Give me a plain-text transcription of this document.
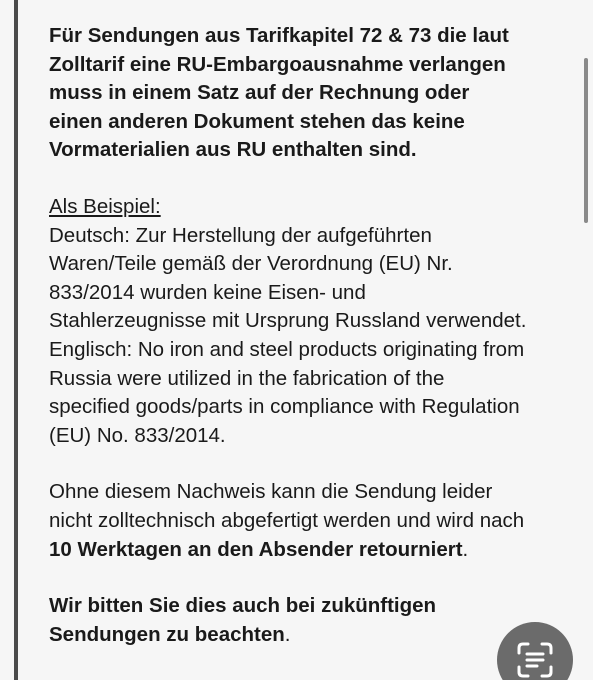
Für Sendungen aus Tarifkapitel 72 & 73 die laut
Zolltarif eine RU-Embargoausnahme verlangen
muss in einem Satz auf der Rechnung oder
einen anderen Dokument stehen das keine
Vormaterialien aus RU enthalten sind.

Als Beispiel:
Deutsch: Zur Herstellung der aufgeführten
Waren/Teile gemäß der Verordnung (EU) Nr.
833/2014 wurden keine Eisen- und
Stahlerzeugnisse mit Ursprung Russland verwendet.
Englisch: No iron and steel products originating from
Russia were utilized in the fabrication of the
specified goods/parts in compliance with Regulation
(EU) No. 833/2014.

Ohne diesem Nachweis kann die Sendung leider
nicht zolltechnisch abgefertigt werden und wird nach
10 Werktagen an den Absender retourniert.

Wir bitten Sie dies auch bei zukünftigen
Sendungen zu beachten.
